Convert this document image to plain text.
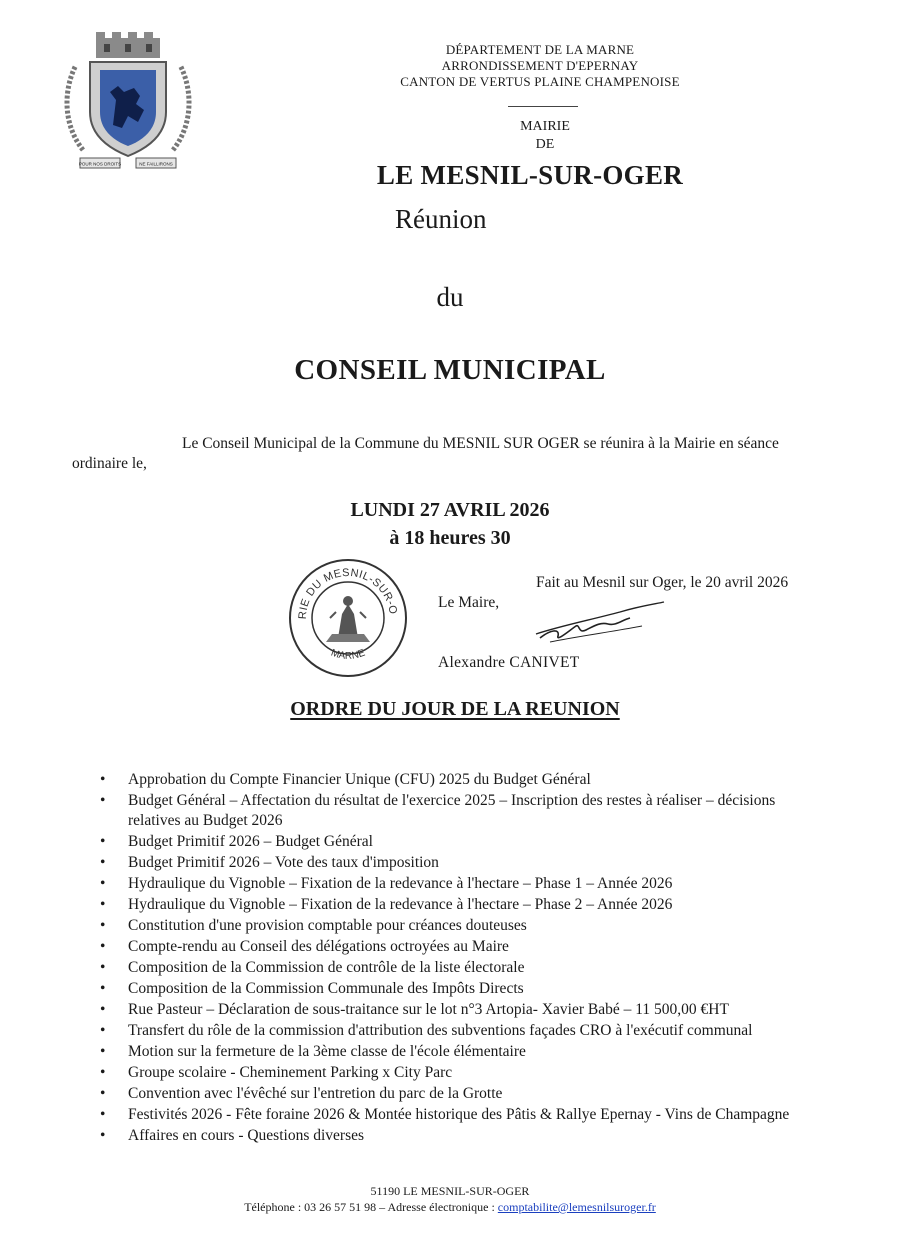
POUR NOS DROITS	NE FAILLIRONS
DÉPARTEMENT DE LA MARNE
ARRONDISSEMENT D'EPERNAY
CANTON DE VERTUS PLAINE CHAMPENOISE
MAIRIE
DE
LE MESNIL-SUR-OGER
Réunion
du
CONSEIL MUNICIPAL
Le Conseil Municipal de la Commune du MESNIL SUR OGER se réunira à la Mairie en séance ordinaire le,
LUNDI 27 AVRIL 2026
à 18 heures 30
RIE DU MESNIL-SUR-O
MARNE
Fait au Mesnil sur Oger, le 20 avril 2026
Le Maire,
Alexandre CANIVET
ORDRE DU JOUR DE LA REUNION
• Approbation du Compte Financier Unique (CFU) 2025 du Budget Général
• Budget Général – Affectation du résultat de l'exercice 2025 – Inscription des restes à réaliser – décisions relatives au Budget 2026
• Budget Primitif 2026 – Budget Général
• Budget Primitif 2026 – Vote des taux d'imposition
• Hydraulique du Vignoble – Fixation de la redevance à l'hectare – Phase 1 – Année 2026
• Hydraulique du Vignoble – Fixation de la redevance à l'hectare – Phase 2 – Année 2026
• Constitution d'une provision comptable pour créances douteuses
• Compte-rendu au Conseil des délégations octroyées au Maire
• Composition de la Commission de contrôle de la liste électorale
• Composition de la Commission Communale des Impôts Directs
• Rue Pasteur – Déclaration de sous-traitance sur le lot n°3 Artopia- Xavier Babé – 11 500,00 €HT
• Transfert du rôle de la commission d'attribution des subventions façades CRO à l'exécutif communal
• Motion sur la fermeture de la 3ème classe de l'école élémentaire
• Groupe scolaire - Cheminement Parking x City Parc
• Convention avec l'évêché sur l'entretion du parc de la Grotte
• Festivités 2026 - Fête foraine 2026 & Montée historique des Pâtis & Rallye Epernay - Vins de Champagne
• Affaires en cours - Questions diverses
51190 LE MESNIL-SUR-OGER
Téléphone : 03 26 57 51 98 – Adresse électronique : comptabilite@lemesnilsuroger.fr
